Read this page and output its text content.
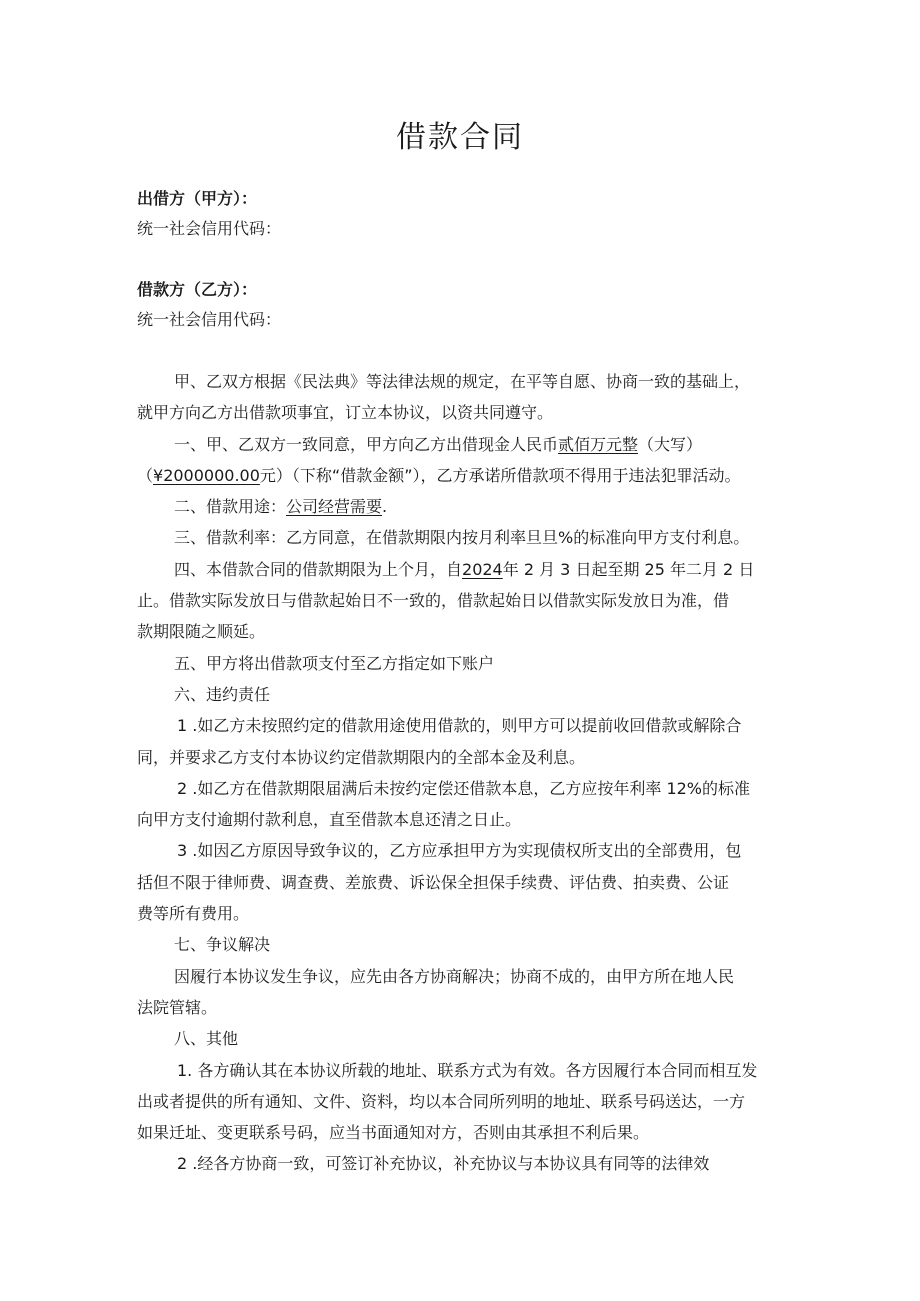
借款合同
出借方（甲方）：
统一社会信用代码：
借款方（乙方）：
统一社会信用代码：
甲、乙双方根据《民法典》等法律法规的规定，在平等自愿、协商一致的基础上，
就甲方向乙方出借款项事宜，订立本协议，以资共同遵守。
一、甲、乙双方一致同意，甲方向乙方出借现金人民币贰佰万元整（大写）
（¥2000000.00元）（下称“借款金额”），乙方承诺所借款项不得用于违法犯罪活动。
二、借款用途：公司经营需要.
三、借款利率：乙方同意，在借款期限内按月利率旦旦%的标准向甲方支付利息。
四、本借款合同的借款期限为上个月，自2024年 2 月 3 日起至期 25 年二月 2 日
止。借款实际发放日与借款起始日不一致的，借款起始日以借款实际发放日为准，借
款期限随之顺延。
五、甲方将出借款项支付至乙方指定如下账户
六、违约责任
1 .如乙方未按照约定的借款用途使用借款的，则甲方可以提前收回借款或解除合
同，并要求乙方支付本协议约定借款期限内的全部本金及利息。
2 .如乙方在借款期限届满后未按约定偿还借款本息，乙方应按年利率 12%的标准
向甲方支付逾期付款利息，直至借款本息还清之日止。
3 .如因乙方原因导致争议的，乙方应承担甲方为实现债权所支出的全部费用，包
括但不限于律师费、调查费、差旅费、诉讼保全担保手续费、评估费、拍卖费、公证
费等所有费用。
七、争议解决
因履行本协议发生争议，应先由各方协商解决；协商不成的，由甲方所在地人民
法院管辖。
八、其他
1. 各方确认其在本协议所载的地址、联系方式为有效。各方因履行本合同而相互发
出或者提供的所有通知、文件、资料，均以本合同所列明的地址、联系号码送达，一方
如果迁址、变更联系号码，应当书面通知对方，否则由其承担不利后果。
2 .经各方协商一致，可签订补充协议，补充协议与本协议具有同等的法律效
